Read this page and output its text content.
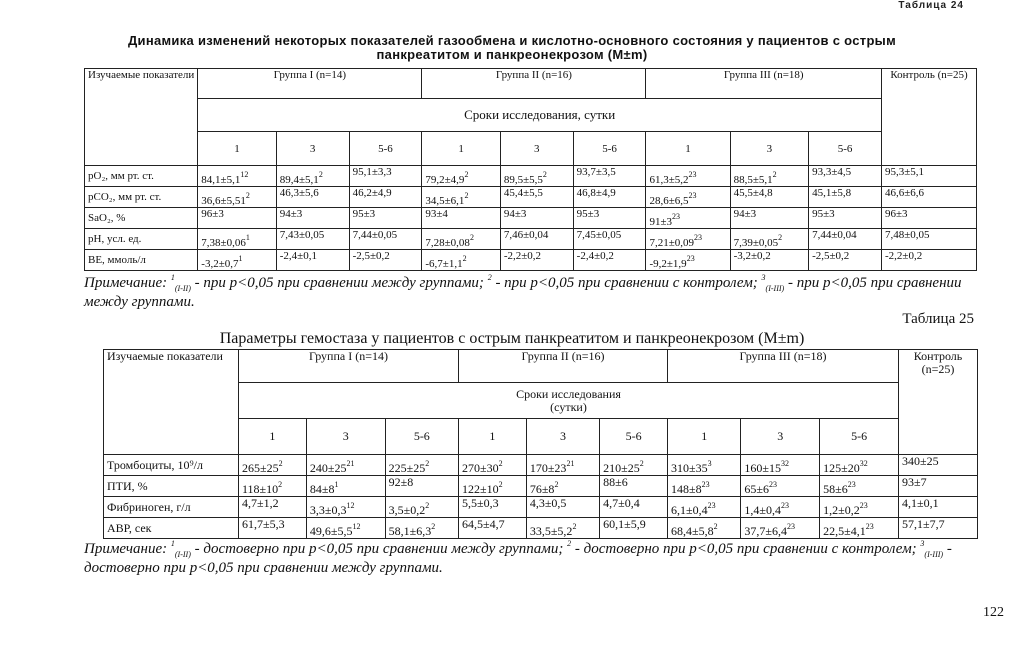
Таблица 24
Динамика изменений некоторых показателей газообмена и кислотно-основного состояния у пациентов с острым
панкреатитом и панкреонекрозом (M±m)
Изучаемые показатели	Группа I (n=14)			Группа II (n=16)			Группа III (n=18)			Контроль (n=25)

	Сроки исследования, сутки									
	1	3	5-6	1	3	5-6	1	3	5-6	
pO₂, мм рт. ст.	$84,1\pm 5,1^{12}$	$89,4\pm 5,1^2$	95,1±3,3	$79,2\pm 4,9^2$	$89,5\pm 5,5^2$	93,7±3,5	$61,3\pm 5,2^{23}$	$88,5\pm 5,1^2$	93,3±4,5	95,3±5,1
pCO₂, мм рт. ст.	$36,6\pm 5,51^2$	46,3±5,6	46,2±4,9	$34,5\pm 6,1^2$	45,4±5,5	46,8±4,9	$28,6\pm 6,5^{23}$	45,5±4,8	45,1±5,8	46,6±6,6
SaO₂, %	96±3	94±3	95±3	93±4	94±3	95±3	$91\pm 3^{23}$	94±3	95±3	96±3
pH, усл. ед.	$7,38\pm 0,06^1$	7,43±0,05	7,44±0,05	$7,28\pm 0,08^2$	7,46±0,04	7,45±0,05	$7,21\pm 0,09^{23}$	$7,39\pm 0,05^2$	7,44±0,04	7,48±0,05
BE, ммоль/л	$-3,2\pm 0,7^1$	-2,4±0,1	-2,5±0,2	$-6,7\pm 1,1^2$	-2,2±0,2	-2,4±0,2	$-9,2\pm 1,9^{23}$	-3,2±0,2	-2,5±0,2	-2,2±0,2
Примечание: $^1_{(I-II)}$ - при p<0,05 при сравнении между группами; $^2$ - при p<0,05 при сравнении с контролем; $^3_{(I-III)}$ - при p<0,05 при сравнении между группами.
Таблица 25
Параметры гемостаза у пациентов с острым панкреатитом и панкреонекрозом (M±m)
Изучаемые показатели	Группа I (n=14)			Группа II (n=16)			Группа III (n=18)			Контроль (n=25)

	Сроки исследования
(сутки)									

	1	3	5-6	1	3	5-6	1	3	5-6	
Тромбоциты, 10⁹/л	$265\pm 25^2$	$240\pm 25^{21}$	$225\pm 25^2$	$270\pm 30^2$	$170\pm 23^{21}$	$210\pm 25^2$	$310\pm 35^3$	$160\pm 15^{32}$	$125\pm 20^{32}$	340±25
ПТИ, %	$118\pm 10^2$	$84\pm 8^1$	92±8	$122\pm 10^2$	$76\pm 8^2$	88±6	$148\pm 8^{23}$	$65\pm 6^{23}$	$58\pm 6^{23}$	93±7
Фибриноген, г/л	4,7±1,2	$3,3\pm 0,3^{12}$	$3,5\pm 0,2^2$	5,5±0,3	4,3±0,5	4,7±0,4	$6,1\pm 0,4^{23}$	$1,4\pm 0,4^{23}$	$1,2\pm 0,2^{23}$	4,1±0,1
АВР, сек	61,7±5,3	$49,6\pm 5,5^{12}$	$58,1\pm 6,3^2$	64,5±4,7	$33,5\pm 5,2^2$	60,1±5,9	$68,4\pm 5,8^2$	$37,7\pm 6,4^{23}$	$22,5\pm 4,1^{23}$	57,1±7,7
Примечание: $^1_{(I-II)}$ - достоверно при p<0,05 при сравнении между группами; $^2$ - достоверно при p<0,05 при сравнении с контролем; $^3_{(I-III)}$ - достоверно при p<0,05 при сравнении между группами.
122
